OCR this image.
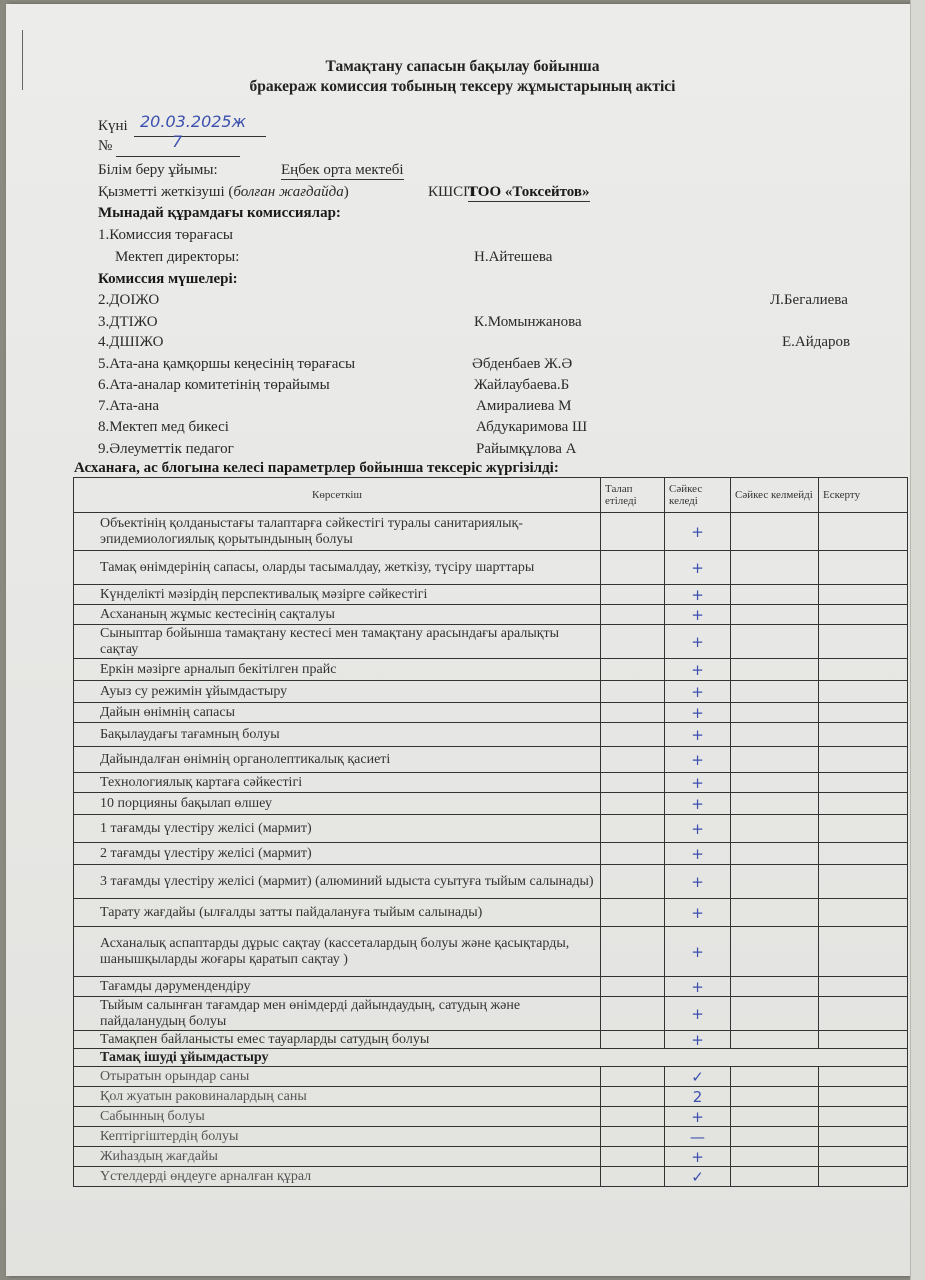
Тамақтану сапасын бақылау бойынша
бракераж комиссия тобының тексеру жұмыстарының актісі
Күні 20.03.2025ж
№	7
Білім беру ұйымы:	Еңбек орта мектебі
Қызметті жеткізуші (болған жағдайда)	КШСП
ТОО «Токсейтов»
Мынадай құрамдағы комиссиялар:
1.Комиссия төрағасы
Мектеп директоры:	Н.Айтешева
Комиссия мүшелері:
2.ДОІЖО	Л.Бегалиева
3.ДТІЖО	К.Момынжанова
4.ДШІЖО	Е.Айдаров
5.Ата-ана қамқоршы кеңесінің төрағасы	Әбденбаев Ж.Ә
6.Ата-аналар комитетінің төрайымы	Жайлаубаева.Б
7.Ата-ана	Амиралиева М
8.Мектеп мед бикесі	Абдукаримова Ш
9.Әлеуметтік педагог	Райымқұлова А
Асханаға, ас блогына келесі параметрлер бойынша тексеріс жүргізілді:
Көрсеткіш	Талап етіледі	Сәйкес келеді	Сәйкес келмейді	Ескерту
Объектінің қолданыстағы талаптарға сәйкестігі туралы санитариялық-эпидемиологиялық қорытындының болуы		+		
Тамақ өнімдерінің сапасы, оларды тасымалдау, жеткізу, түсіру шарттары		+		
Күнделікті мәзірдің перспективалық мәзірге сәйкестігі		+		
Асхананың жұмыс кестесінің сақталуы		+		
Сыныптар бойынша тамақтану кестесі мен тамақтану арасындағы аралықты сақтау		+		
Еркін мәзірге арналып бекітілген прайс		+		
Ауыз су режимін ұйымдастыру		+		
Дайын өнімнің сапасы		+		
Бақылаудағы тағамның болуы		+		
Дайындалған өнімнің органолептикалық қасиеті		+		
Технологиялық картаға сәйкестігі		+		
10 порцияны бақылап өлшеу		+		
1 тағамды үлестіру желісі (мармит)		+		
2 тағамды үлестіру желісі (мармит)		+		
3 тағамды үлестіру желісі (мармит) (алюминий ыдыста суытуға тыйым салынады)		+		
Тарату жағдайы (ылғалды затты пайдалануға тыйым салынады)		+		
Асханалық аспаптарды дұрыс сақтау (кассеталардың болуы және қасықтарды, шанышқыларды жоғары қаратып сақтау )		+		
Тағамды дәрумендендіру		+		
Тыйым салынған тағамдар мен өнімдерді дайындаудың, сатудың және пайдаланудың болуы		+		
Тамақпен байланысты емес тауарларды сатудың болуы		+		
Тамақ ішуді ұйымдастыру				
Отыратын орындар саны		✓		
Қол жуатын раковиналардың саны		2		
Сабынның болуы		+		
Кептіргіштердің болуы		—		
Жиһаздың жағдайы		+		
Үстелдерді өңдеуге арналған құрал		✓		
